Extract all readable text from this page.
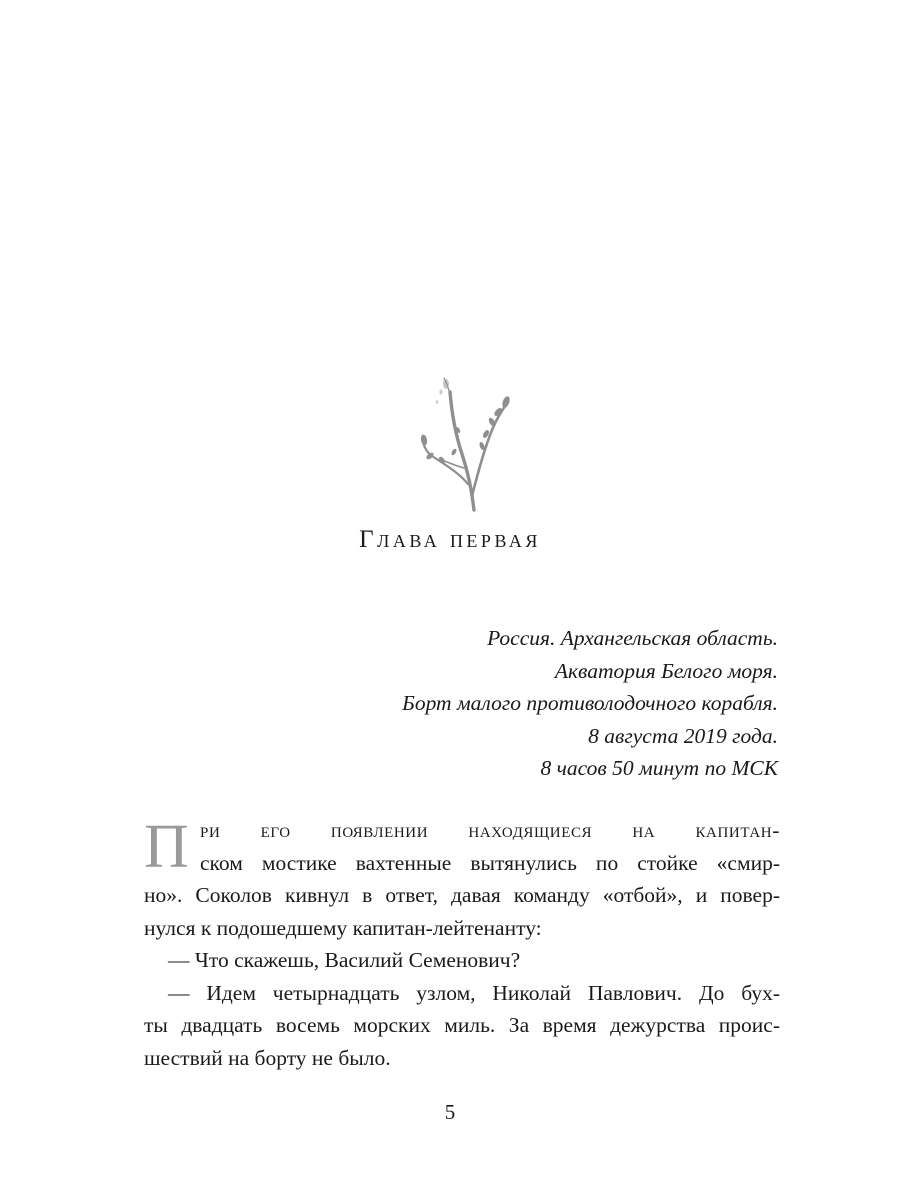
Глава первая
Россия. Архангельская область.
Акватория Белого моря.
Борт малого противолодочного корабля.
8 августа 2019 года.
8 часов 50 минут по МСК
П ри его появлении находящиеся на капитан-
ском мостике вахтенные вытянулись по стойке «смир-
но». Соколов кивнул в ответ, давая команду «отбой», и повер-
нулся к подошедшему капитан-лейтенанту:
— Что скажешь, Василий Семенович?
— Идем четырнадцать узлом, Николай Павлович. До бух-
ты двадцать восемь морских миль. За время дежурства проис-
шествий на борту не было.
5
